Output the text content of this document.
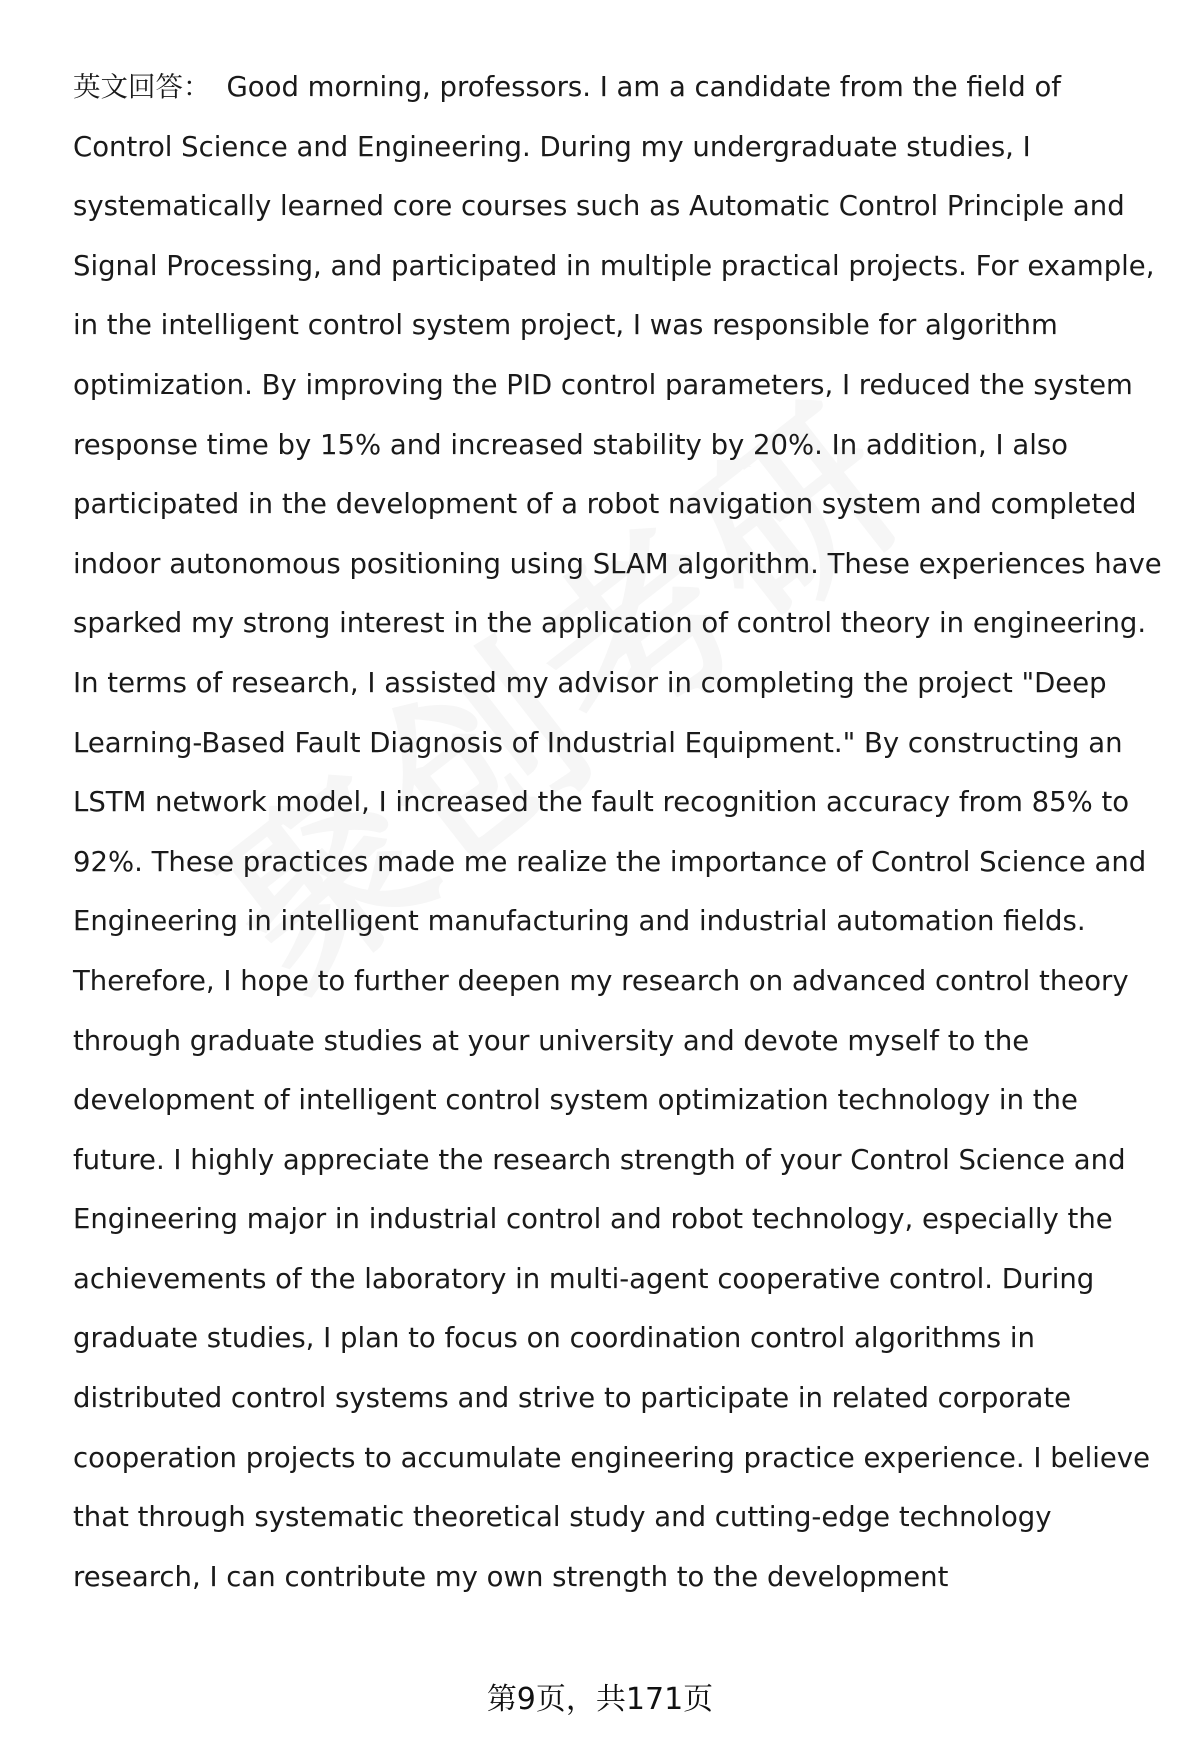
英文回答： Good morning, professors. I am a candidate from the field of Control Science and Engineering. During my undergraduate studies, I systematically learned core courses such as Automatic Control Principle and Signal Processing, and participated in multiple practical projects. For example, in the intelligent control system project, I was responsible for algorithm optimization. By improving the PID control parameters, I reduced the system response time by 15% and increased stability by 20%. In addition, I also participated in the development of a robot navigation system and completed indoor autonomous positioning using SLAM algorithm. These experiences have sparked my strong interest in the application of control theory in engineering. In terms of research, I assisted my advisor in completing the project "Deep Learning-Based Fault Diagnosis of Industrial Equipment." By constructing an LSTM network model, I increased the fault recognition accuracy from 85% to 92%. These practices made me realize the importance of Control Science and Engineering in intelligent manufacturing and industrial automation fields. Therefore, I hope to further deepen my research on advanced control theory through graduate studies at your university and devote myself to the development of intelligent control system optimization technology in the future. I highly appreciate the research strength of your Control Science and Engineering major in industrial control and robot technology, especially the achievements of the laboratory in multi-agent cooperative control. During graduate studies, I plan to focus on coordination control algorithms in distributed control systems and strive to participate in related corporate cooperation projects to accumulate engineering practice experience. I believe that through systematic theoretical study and cutting-edge technology research, I can contribute my own strength to the development

第9页，共171页
